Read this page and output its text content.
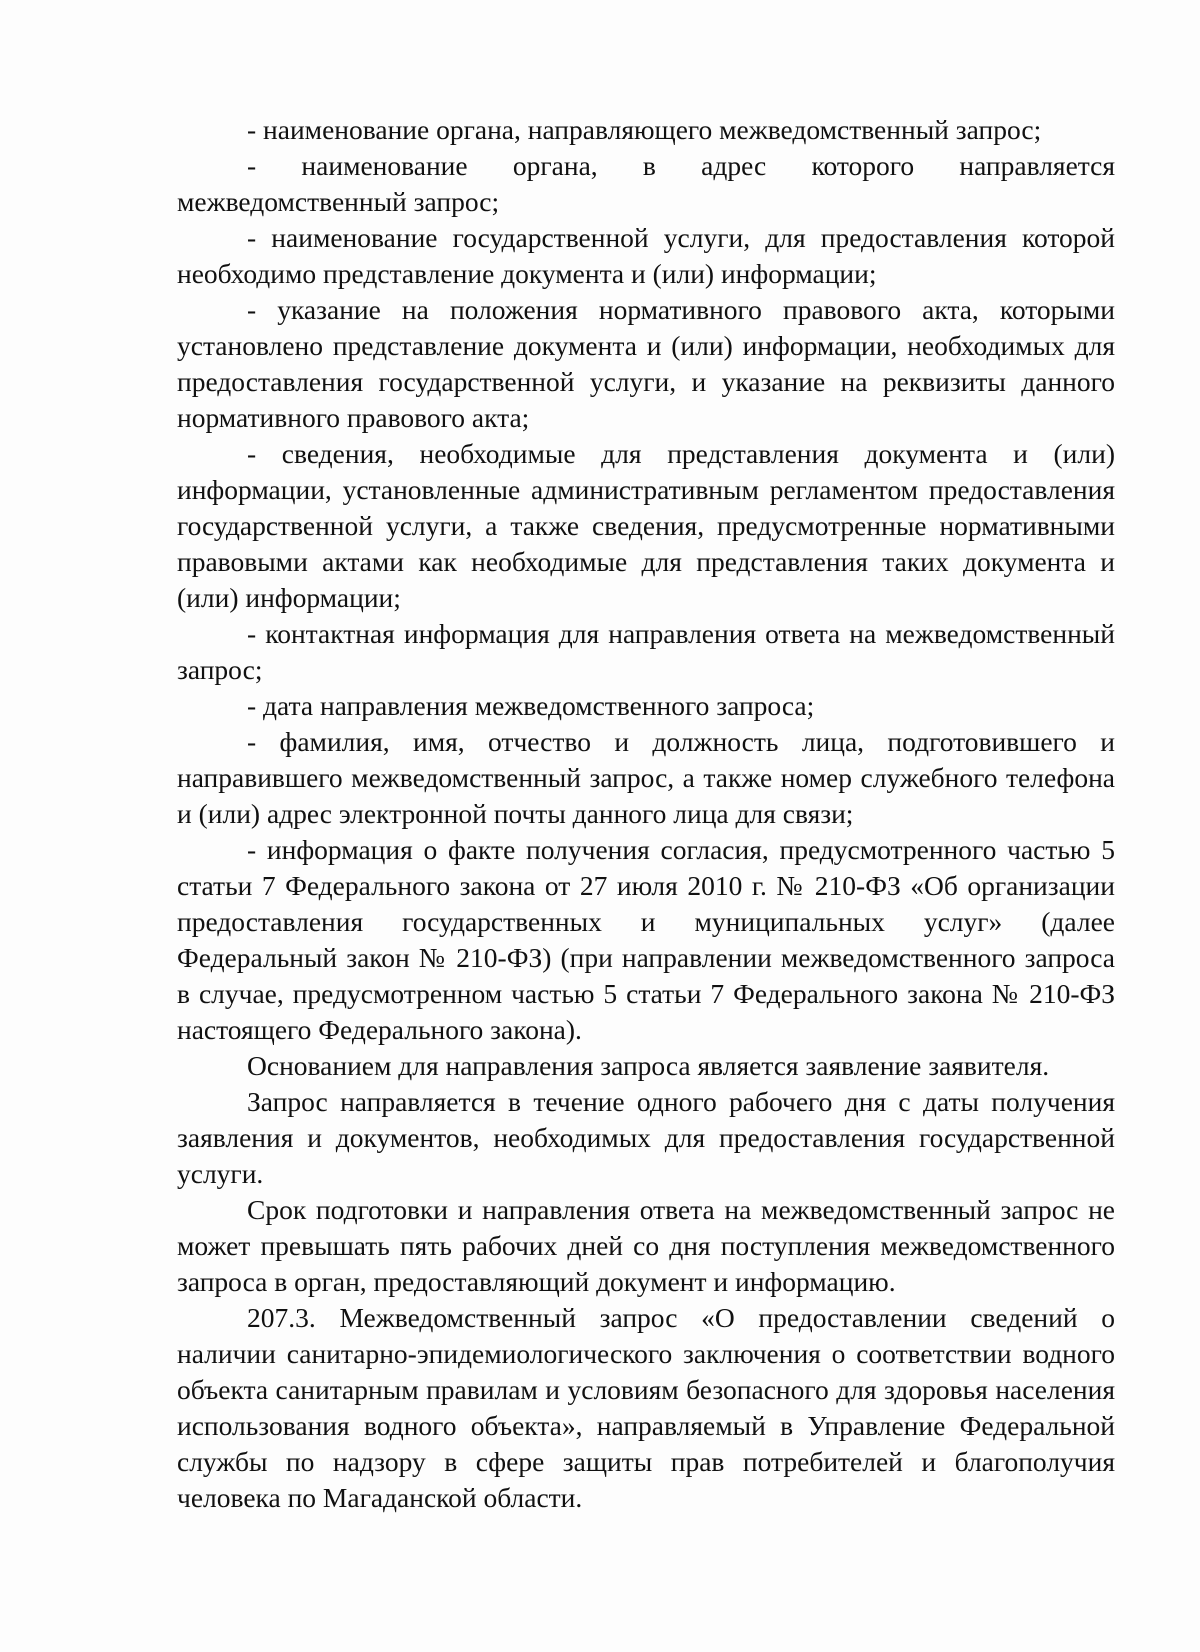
- наименование органа, направляющего межведомственный запрос;

- наименование органа, в адрес которого направляется межведомственный запрос;

- наименование государственной услуги, для предоставления которой необходимо представление документа и (или) информации;

- указание на положения нормативного правового акта, которыми установлено представление документа и (или) информации, необходимых для предоставления государственной услуги, и указание на реквизиты данного нормативного правового акта;

- сведения, необходимые для представления документа и (или) информации, установленные административным регламентом предоставления государственной услуги, а также сведения, предусмотренные нормативными правовыми актами как необходимые для представления таких документа и (или) информации;

- контактная информация для направления ответа на межведомственный запрос;

- дата направления межведомственного запроса;

- фамилия, имя, отчество и должность лица, подготовившего и направившего межведомственный запрос, а также номер служебного телефона и (или) адрес электронной почты данного лица для связи;

- информация о факте получения согласия, предусмотренного частью 5 статьи 7 Федерального закона от 27 июля 2010 г. № 210-ФЗ «Об организации предоставления государственных и муниципальных услуг» (далее Федеральный закон № 210-ФЗ) (при направлении межведомственного запроса в случае, предусмотренном частью 5 статьи 7 Федерального закона № 210-ФЗ настоящего Федерального закона).

Основанием для направления запроса является заявление заявителя.

Запрос направляется в течение одного рабочего дня с даты получения заявления и документов, необходимых для предоставления государственной услуги.

Срок подготовки и направления ответа на межведомственный запрос не может превышать пять рабочих дней со дня поступления межведомственного запроса в орган, предоставляющий документ и информацию.

207.3. Межведомственный запрос «О предоставлении сведений о наличии санитарно-эпидемиологического заключения о соответствии водного объекта санитарным правилам и условиям безопасного для здоровья населения использования водного объекта», направляемый в Управление Федеральной службы по надзору в сфере защиты прав потребителей и благополучия человека по Магаданской области.
